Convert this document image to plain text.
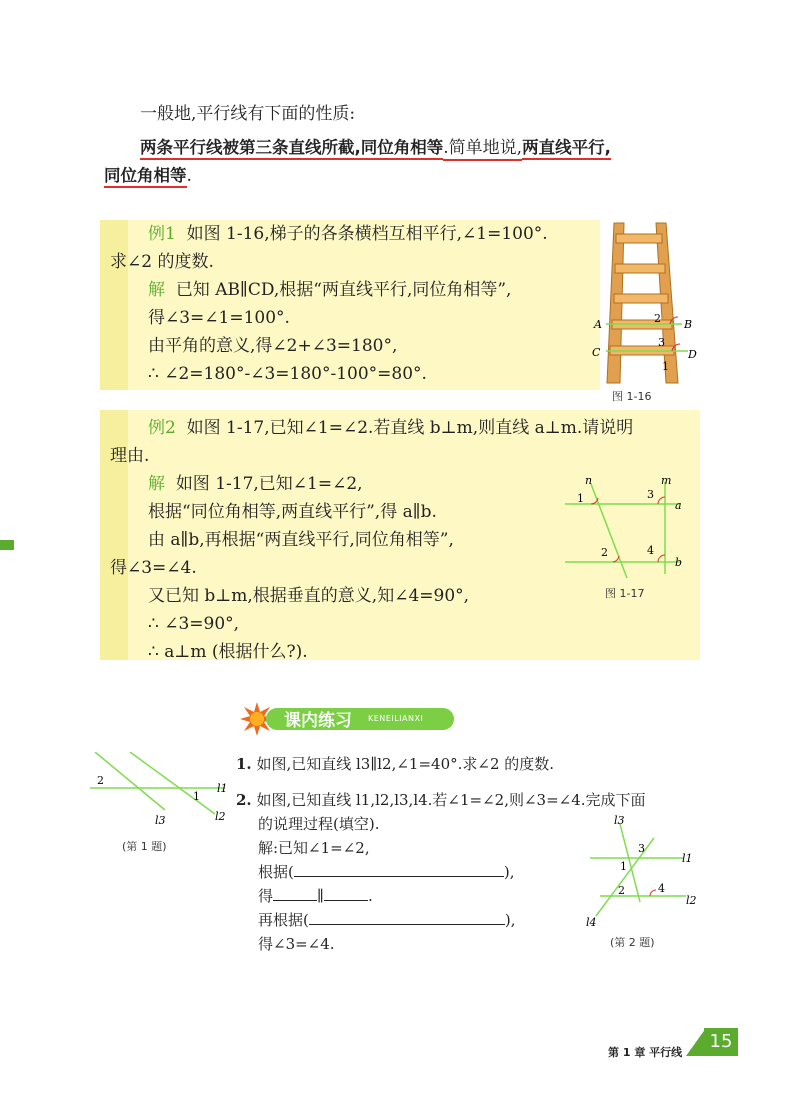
一般地,平行线有下面的性质:
两条平行线被第三条直线所截,同位角相等.简单地说,两直线平行,
同位角相等.
例1 如图 1-16,梯子的各条横档互相平行,∠1=100°.
求∠2 的度数.
解 已知 AB∥CD,根据“两直线平行,同位角相等”,
得∠3=∠1=100°.
由平角的意义,得∠2+∠3=180°,
∴ ∠2=180°-∠3=180°-100°=80°.
A	B
C	D
2
3
1
图 1-16
例2 如图 1-17,已知∠1=∠2.若直线 b⊥m,则直线 a⊥m.请说明
理由.
解 如图 1-17,已知∠1=∠2,
根据“同位角相等,两直线平行”,得 a∥b.
由 a∥b,再根据“两直线平行,同位角相等”,
得∠3=∠4.
又已知 b⊥m,根据垂直的意义,知∠4=90°,
∴ ∠3=90°,
∴ a⊥m (根据什么?).
n	m
a
b
1
2
3
4
图 1-17
课内练习 KENEILIANXI
2
1
l1
l2
l3
(第 1 题)
1. 如图,已知直线 l3∥l2,∠1=40°.求∠2 的度数.
2. 如图,已知直线 l1,l2,l3,l4.若∠1=∠2,则∠3=∠4.完成下面
的说理过程(填空).
解:已知∠1=∠2,
根据(	),
得	∥	.
再根据(	),
得∠3=∠4.
l3
l1
l2
l4
3
1
2	4
(第 2 题)
第 1 章 平行线
15
